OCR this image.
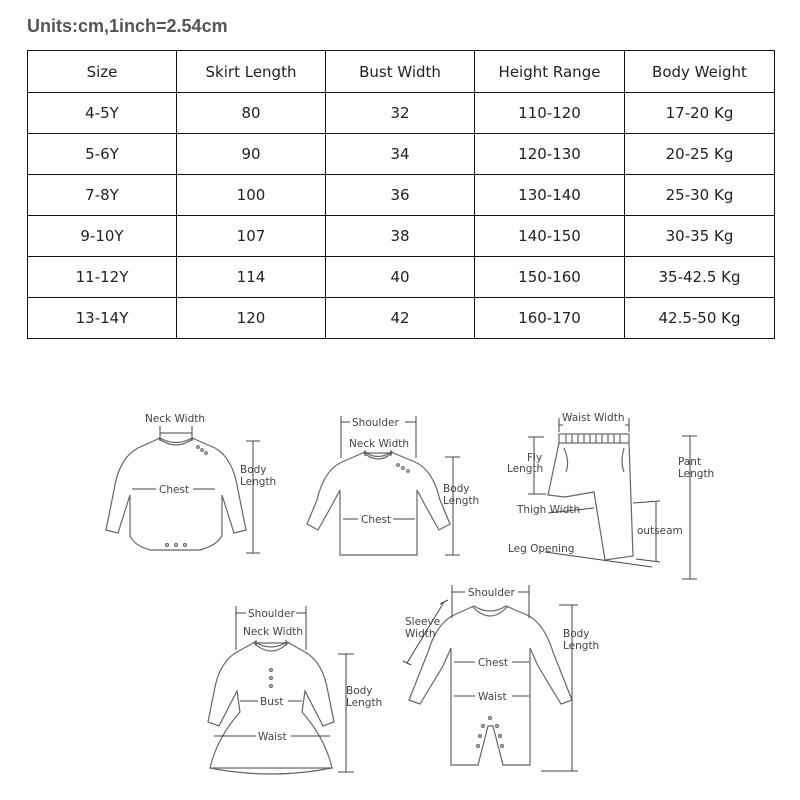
Units:cm,1inch=2.54cm
Size	Skirt Length	Bust Width	Height Range	Body Weight
4-5Y	80	32	110-120	17-20 Kg
5-6Y	90	34	120-130	20-25 Kg
7-8Y	100	36	130-140	25-30 Kg
9-10Y	107	38	140-150	30-35 Kg
11-12Y	114	40	150-160	35-42.5 Kg
13-14Y	120	42	160-170	42.5-50 Kg
Neck Width
Chest
Body
Length
Shoulder
Neck Width
Chest
Body
Length
Waist Width
Fly
Length
Pant
Length
Thigh Width
outseam
Leg Opening
Shoulder
Neck Width
Bust
Waist
Body
Length
Shoulder
Sleeve
Width
Chest
Waist
Body
Length
